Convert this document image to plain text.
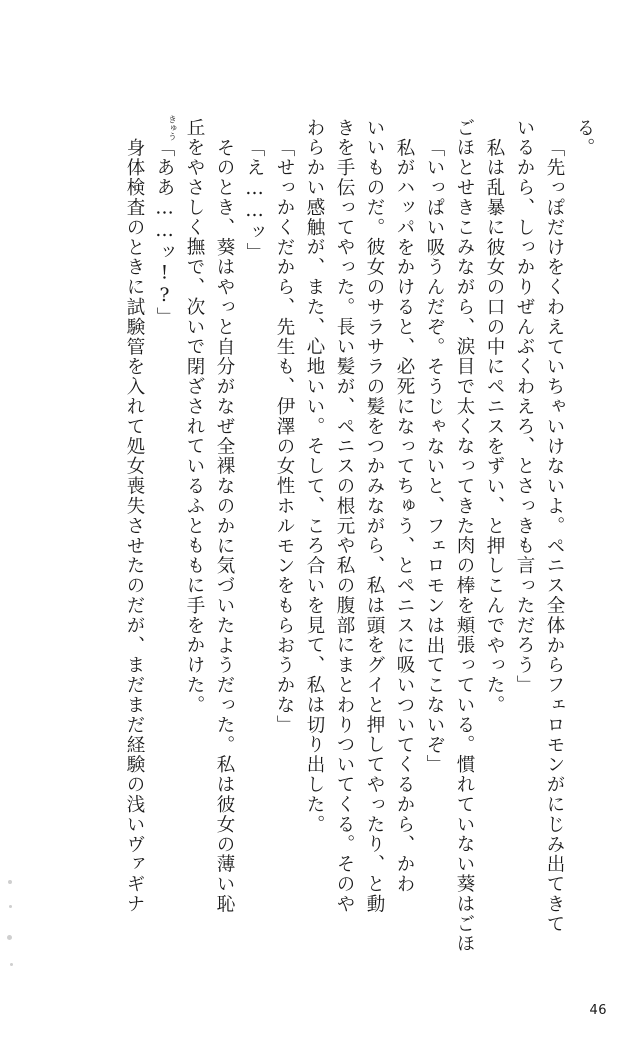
る。
「先っぽだけをくわえていちゃいけないよ。ペニス全体からフェロモンがにじみ出てきて
いるから、しっかりぜんぶくわえろ、とさっきも言っただろう」
私は乱暴に彼女の口の中にペニスをずい、と押しこんでやった。
ごほとせきこみながら、涙目で太くなってきた肉の棒を頬張っている。慣れていない葵はごほ
「いっぱい吸うんだぞ。そうじゃないと、フェロモンは出てこないぞ」
私がハッパをかけると、必死になってちゅう、とペニスに吸いついてくるから、かわ
いいものだ。彼女のサラサラの髪をつかみながら、私は頭をグイと押してやったり、と動
きを手伝ってやった。長い髪が、ペニスの根元や私の腹部にまとわりついてくる。そのや
わらかい感触が、また、心地いい。そして、ころ合いを見て、私は切り出した。
「せっかくだから、先生も、伊澤の女性ホルモンをもらおうかな」
「え……ッ」
そのとき、葵はやっと自分がなぜ全裸なのかに気づいたようだった。私は彼女の薄い恥
丘
きゅう
をやさしく撫で、次いで閉ざされているふとももに手をかけた。
「ああ……ッ!?」
身体検査のときに試験管を入れて処女喪失させたのだが、まだまだ経験の浅いヴァギナ
46
